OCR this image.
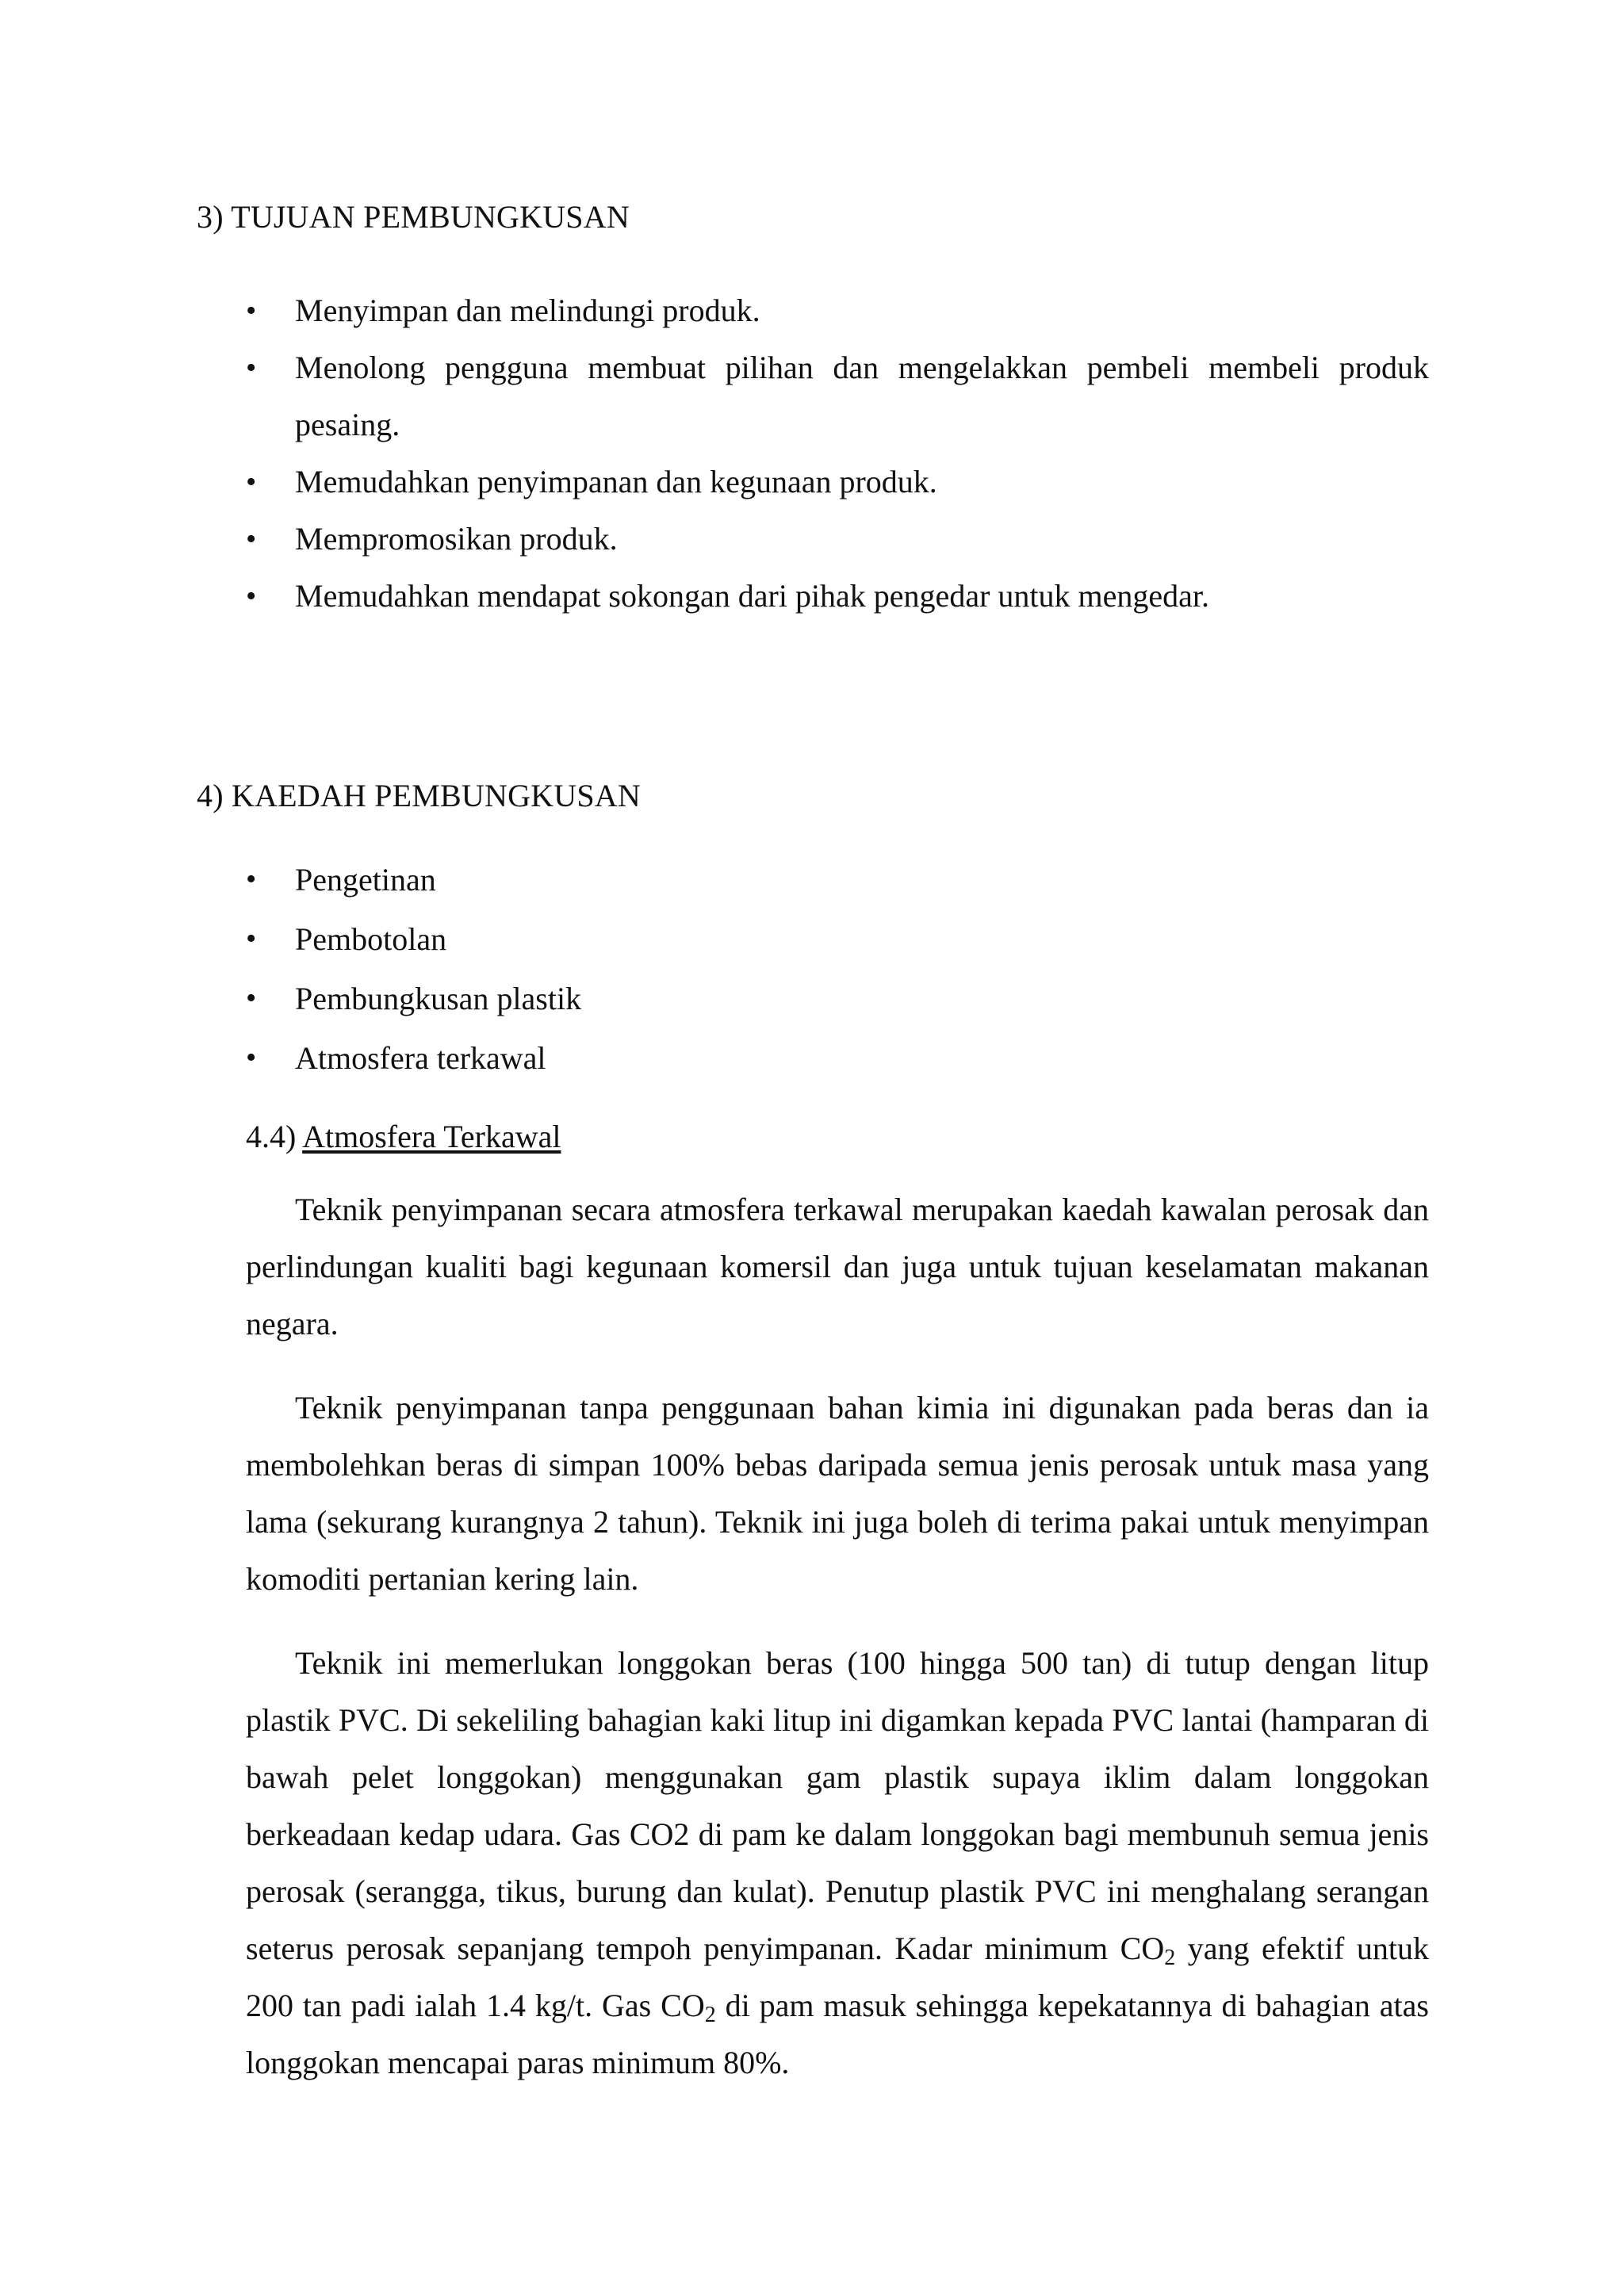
3) TUJUAN PEMBUNGKUSAN
• Menyimpan dan melindungi produk.
• Menolong pengguna membuat pilihan dan mengelakkan pembeli membeli produk pesaing.
• Memudahkan penyimpanan dan kegunaan produk.
• Mempromosikan produk.
• Memudahkan mendapat sokongan dari pihak pengedar untuk mengedar.
4) KAEDAH PEMBUNGKUSAN
• Pengetinan
• Pembotolan
• Pembungkusan plastik
• Atmosfera terkawal
4.4) Atmosfera Terkawal

Teknik penyimpanan secara atmosfera terkawal merupakan kaedah kawalan perosak dan perlindungan kualiti bagi kegunaan komersil dan juga untuk tujuan keselamatan makanan negara.

Teknik penyimpanan tanpa penggunaan bahan kimia ini digunakan pada beras dan ia membolehkan beras di simpan 100% bebas daripada semua jenis perosak untuk masa yang lama (sekurang kurangnya 2 tahun). Teknik ini juga boleh di terima pakai untuk menyimpan komoditi pertanian kering lain.

Teknik ini memerlukan longgokan beras (100 hingga 500 tan) di tutup dengan litup plastik PVC. Di sekeliling bahagian kaki litup ini digamkan kepada PVC lantai (hamparan di bawah pelet longgokan) menggunakan gam plastik supaya iklim dalam longgokan berkeadaan kedap udara. Gas CO2 di pam ke dalam longgokan bagi membunuh semua jenis perosak (serangga, tikus, burung dan kulat). Penutup plastik PVC ini menghalang serangan seterus perosak sepanjang tempoh penyimpanan. Kadar minimum $CO_2$ yang efektif untuk 200 tan padi ialah 1.4 kg/t. Gas $CO_2$ di pam masuk sehingga kepekatannya di bahagian atas longgokan mencapai paras minimum 80%.
